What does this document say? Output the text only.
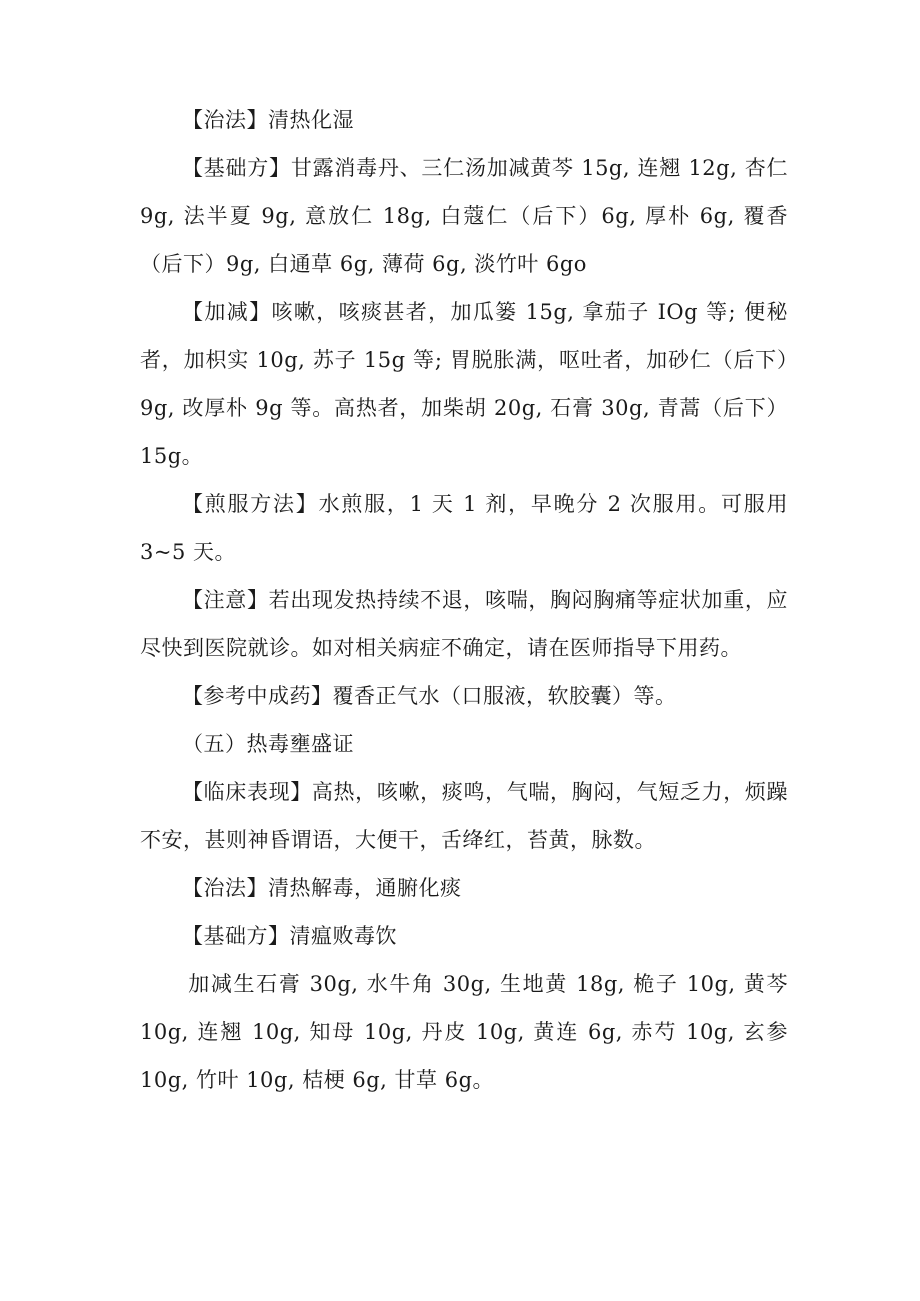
【治法】清热化湿

【基础方】甘露消毒丹、三仁汤加减黄芩 15g, 连翘 12g, 杏仁 9g, 法半夏 9g, 意放仁 18g, 白蔻仁（后下）6g, 厚朴 6g, 覆香（后下）9g, 白通草 6g, 薄荷 6g, 淡竹叶 6go

【加减】咳嗽，咳痰甚者，加瓜篓 15g, 拿茄子 IOg 等; 便秘者，加枳实 10g, 苏子 15g 等; 胃脱胀满，呕吐者，加砂仁（后下）9g, 改厚朴 9g 等。高热者，加柴胡 20g, 石膏 30g, 青蒿（后下）15g。

【煎服方法】水煎服，1 天 1 剂，早晚分 2 次服用。可服用 3~5 天。

【注意】若出现发热持续不退，咳喘，胸闷胸痛等症状加重，应尽快到医院就诊。如对相关病症不确定，请在医师指导下用药。

【参考中成药】覆香正气水（口服液，软胶囊）等。

（五）热毒壅盛证

【临床表现】高热，咳嗽，痰鸣，气喘，胸闷，气短乏力，烦躁不安，甚则神昏谓语，大便干，舌绛红，苔黄，脉数。

【治法】清热解毒，通腑化痰

【基础方】清瘟败毒饮

加减生石膏 30g, 水牛角 30g, 生地黄 18g, 桅子 10g, 黄芩 10g, 连翘 10g, 知母 10g, 丹皮 10g, 黄连 6g, 赤芍 10g, 玄参 10g, 竹叶 10g, 桔梗 6g, 甘草 6g。
